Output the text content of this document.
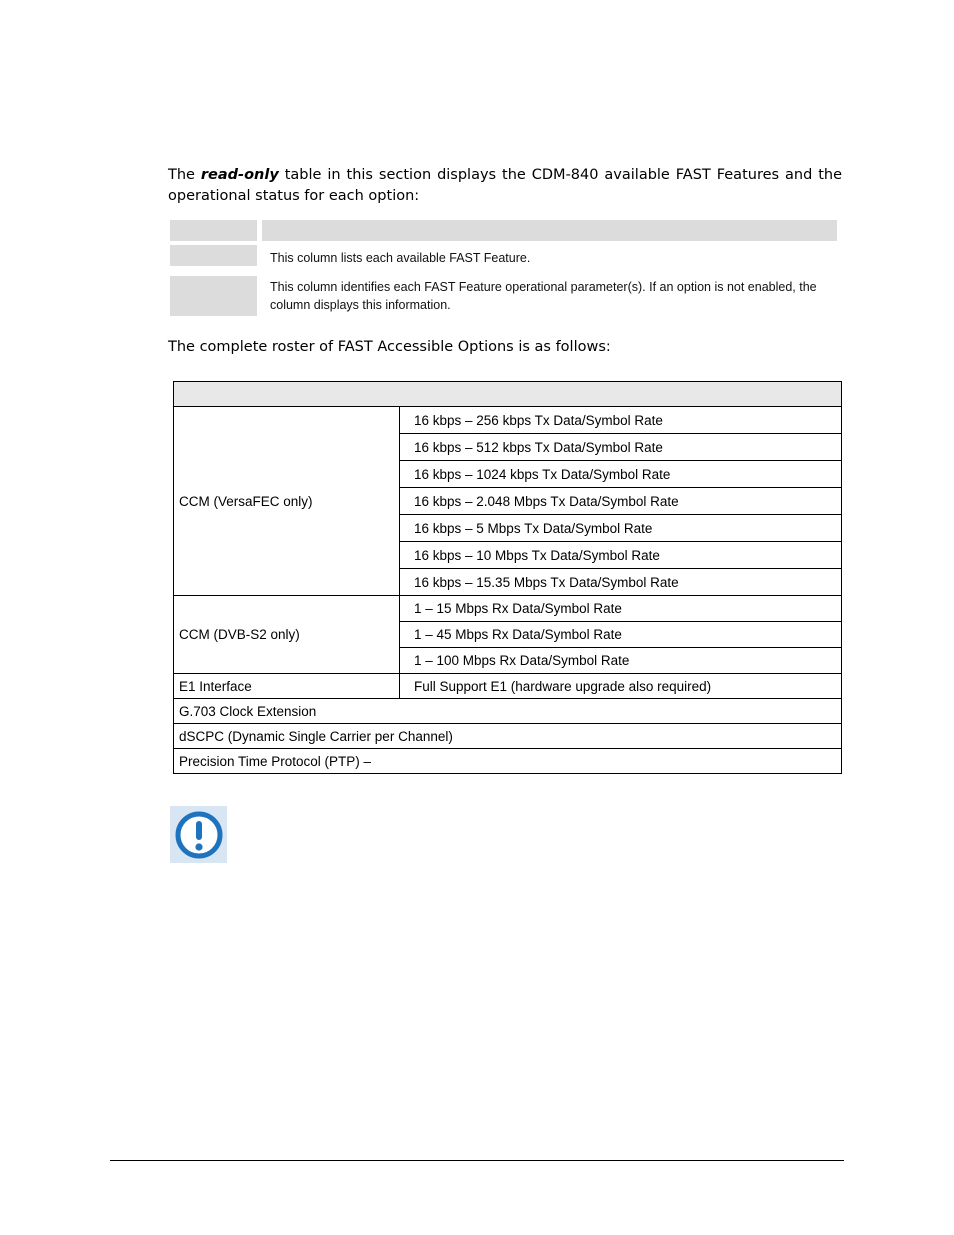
The read-only table in this section displays the CDM-840 available FAST Features and the operational status for each option:

This column lists each available FAST Feature.
This column identifies each FAST Feature operational parameter(s). If an option is not enabled, the column displays this information.
The complete roster of FAST Accessible Options is as follows:

CCM (VersaFEC only)	16 kbps – 256 kbps Tx Data/Symbol Rate
	16 kbps – 512 kbps Tx Data/Symbol Rate
	16 kbps – 1024 kbps Tx Data/Symbol Rate
	16 kbps – 2.048 Mbps Tx Data/Symbol Rate
	16 kbps – 5 Mbps Tx Data/Symbol Rate
	16 kbps – 10 Mbps Tx Data/Symbol Rate
	16 kbps – 15.35 Mbps Tx Data/Symbol Rate
CCM (DVB-S2 only)	1 – 15 Mbps Rx Data/Symbol Rate
	1 – 45 Mbps Rx Data/Symbol Rate
	1 – 100 Mbps Rx Data/Symbol Rate
E1 Interface	Full Support E1 (hardware upgrade also required)
G.703 Clock Extension	
dSCPC (Dynamic Single Carrier per Channel)	
Precision Time Protocol (PTP) –	
